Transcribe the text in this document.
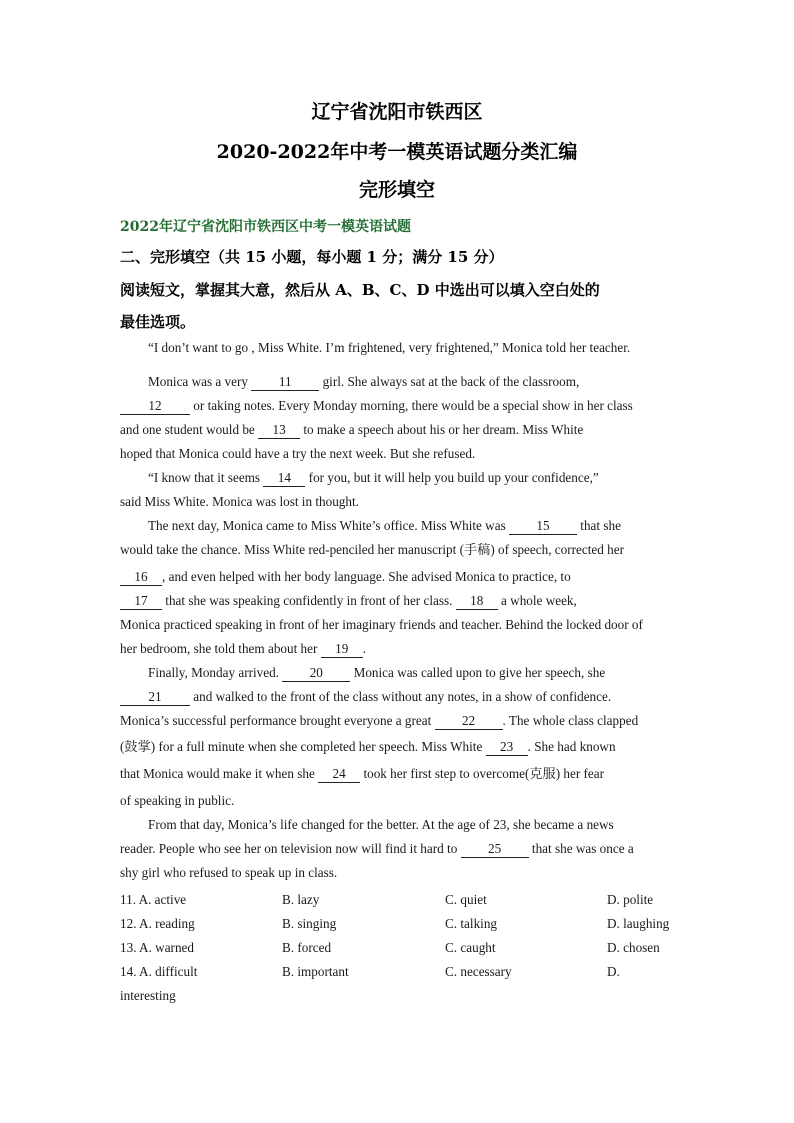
辽宁省沈阳市铁西区
2020-2022年中考一模英语试题分类汇编
完形填空
2022年辽宁省沈阳市铁西区中考一模英语试题
二、完形填空（共 15 小题，每小题 1 分；满分 15 分）
阅读短文，掌握其大意，然后从 A、B、C、D 中选出可以填入空白处的
最佳选项。
“I don’t want to go , Miss White. I’m frightened, very frightened,” Monica told her teacher.
Monica was a very 11 girl. She always sat at the back of the classroom,
12 or taking notes. Every Monday morning, there would be a special show in her class
and one student would be 13 to make a speech about his or her dream. Miss White
hoped that Monica could have a try the next week. But she refused.
“I know that it seems 14 for you, but it will help you build up your confidence,”
said Miss White. Monica was lost in thought.
The next day, Monica came to Miss White’s office. Miss White was 15 that she
would take the chance. Miss White red-penciled her manuscript (手稿) of speech, corrected her
16 , and even helped with her body language. She advised Monica to practice, to
17 that she was speaking confidently in front of her class. 18 a whole week,
Monica practiced speaking in front of her imaginary friends and teacher. Behind the locked door of
her bedroom, she told them about her 19 .
Finally, Monday arrived. 20 Monica was called upon to give her speech, she
21 and walked to the front of the class without any notes, in a show of confidence.
Monica’s successful performance brought everyone a great 22 . The whole class clapped
(鼓掌) for a full minute when she completed her speech. Miss White 23 . She had known
that Monica would make it when she 24 took her first step to overcome(克服) her fear
of speaking in public.
From that day, Monica’s life changed for the better. At the age of 23, she became a news
reader. People who see her on television now will find it hard to 25 that she was once a
shy girl who refused to speak up in class.
11. A. active	B. lazy	C. quiet	D. polite
12. A. reading	B. singing	C. talking	D. laughing
13. A. warned	B. forced	C. caught	D. chosen
14. A. difficult	B. important	C. necessary	D.
interesting
